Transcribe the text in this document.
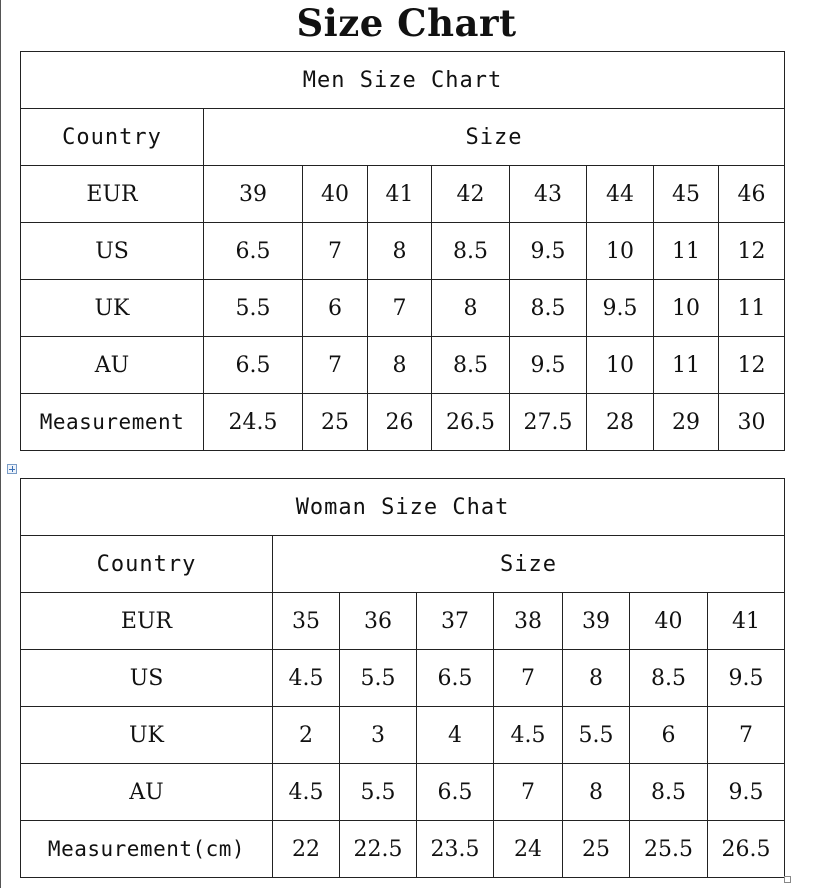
Size Chart
Men Size Chart								
Country	Size							
EUR	39	40	41	42	43	44	45	46
US	6.5	7	8	8.5	9.5	10	11	12
UK	5.5	6	7	8	8.5	9.5	10	11
AU	6.5	7	8	8.5	9.5	10	11	12
Measurement	24.5	25	26	26.5	27.5	28	29	30
Woman Size Chat							
Country	Size						
EUR	35	36	37	38	39	40	41
US	4.5	5.5	6.5	7	8	8.5	9.5
UK	2	3	4	4.5	5.5	6	7
AU	4.5	5.5	6.5	7	8	8.5	9.5
Measurement(cm)	22	22.5	23.5	24	25	25.5	26.5
